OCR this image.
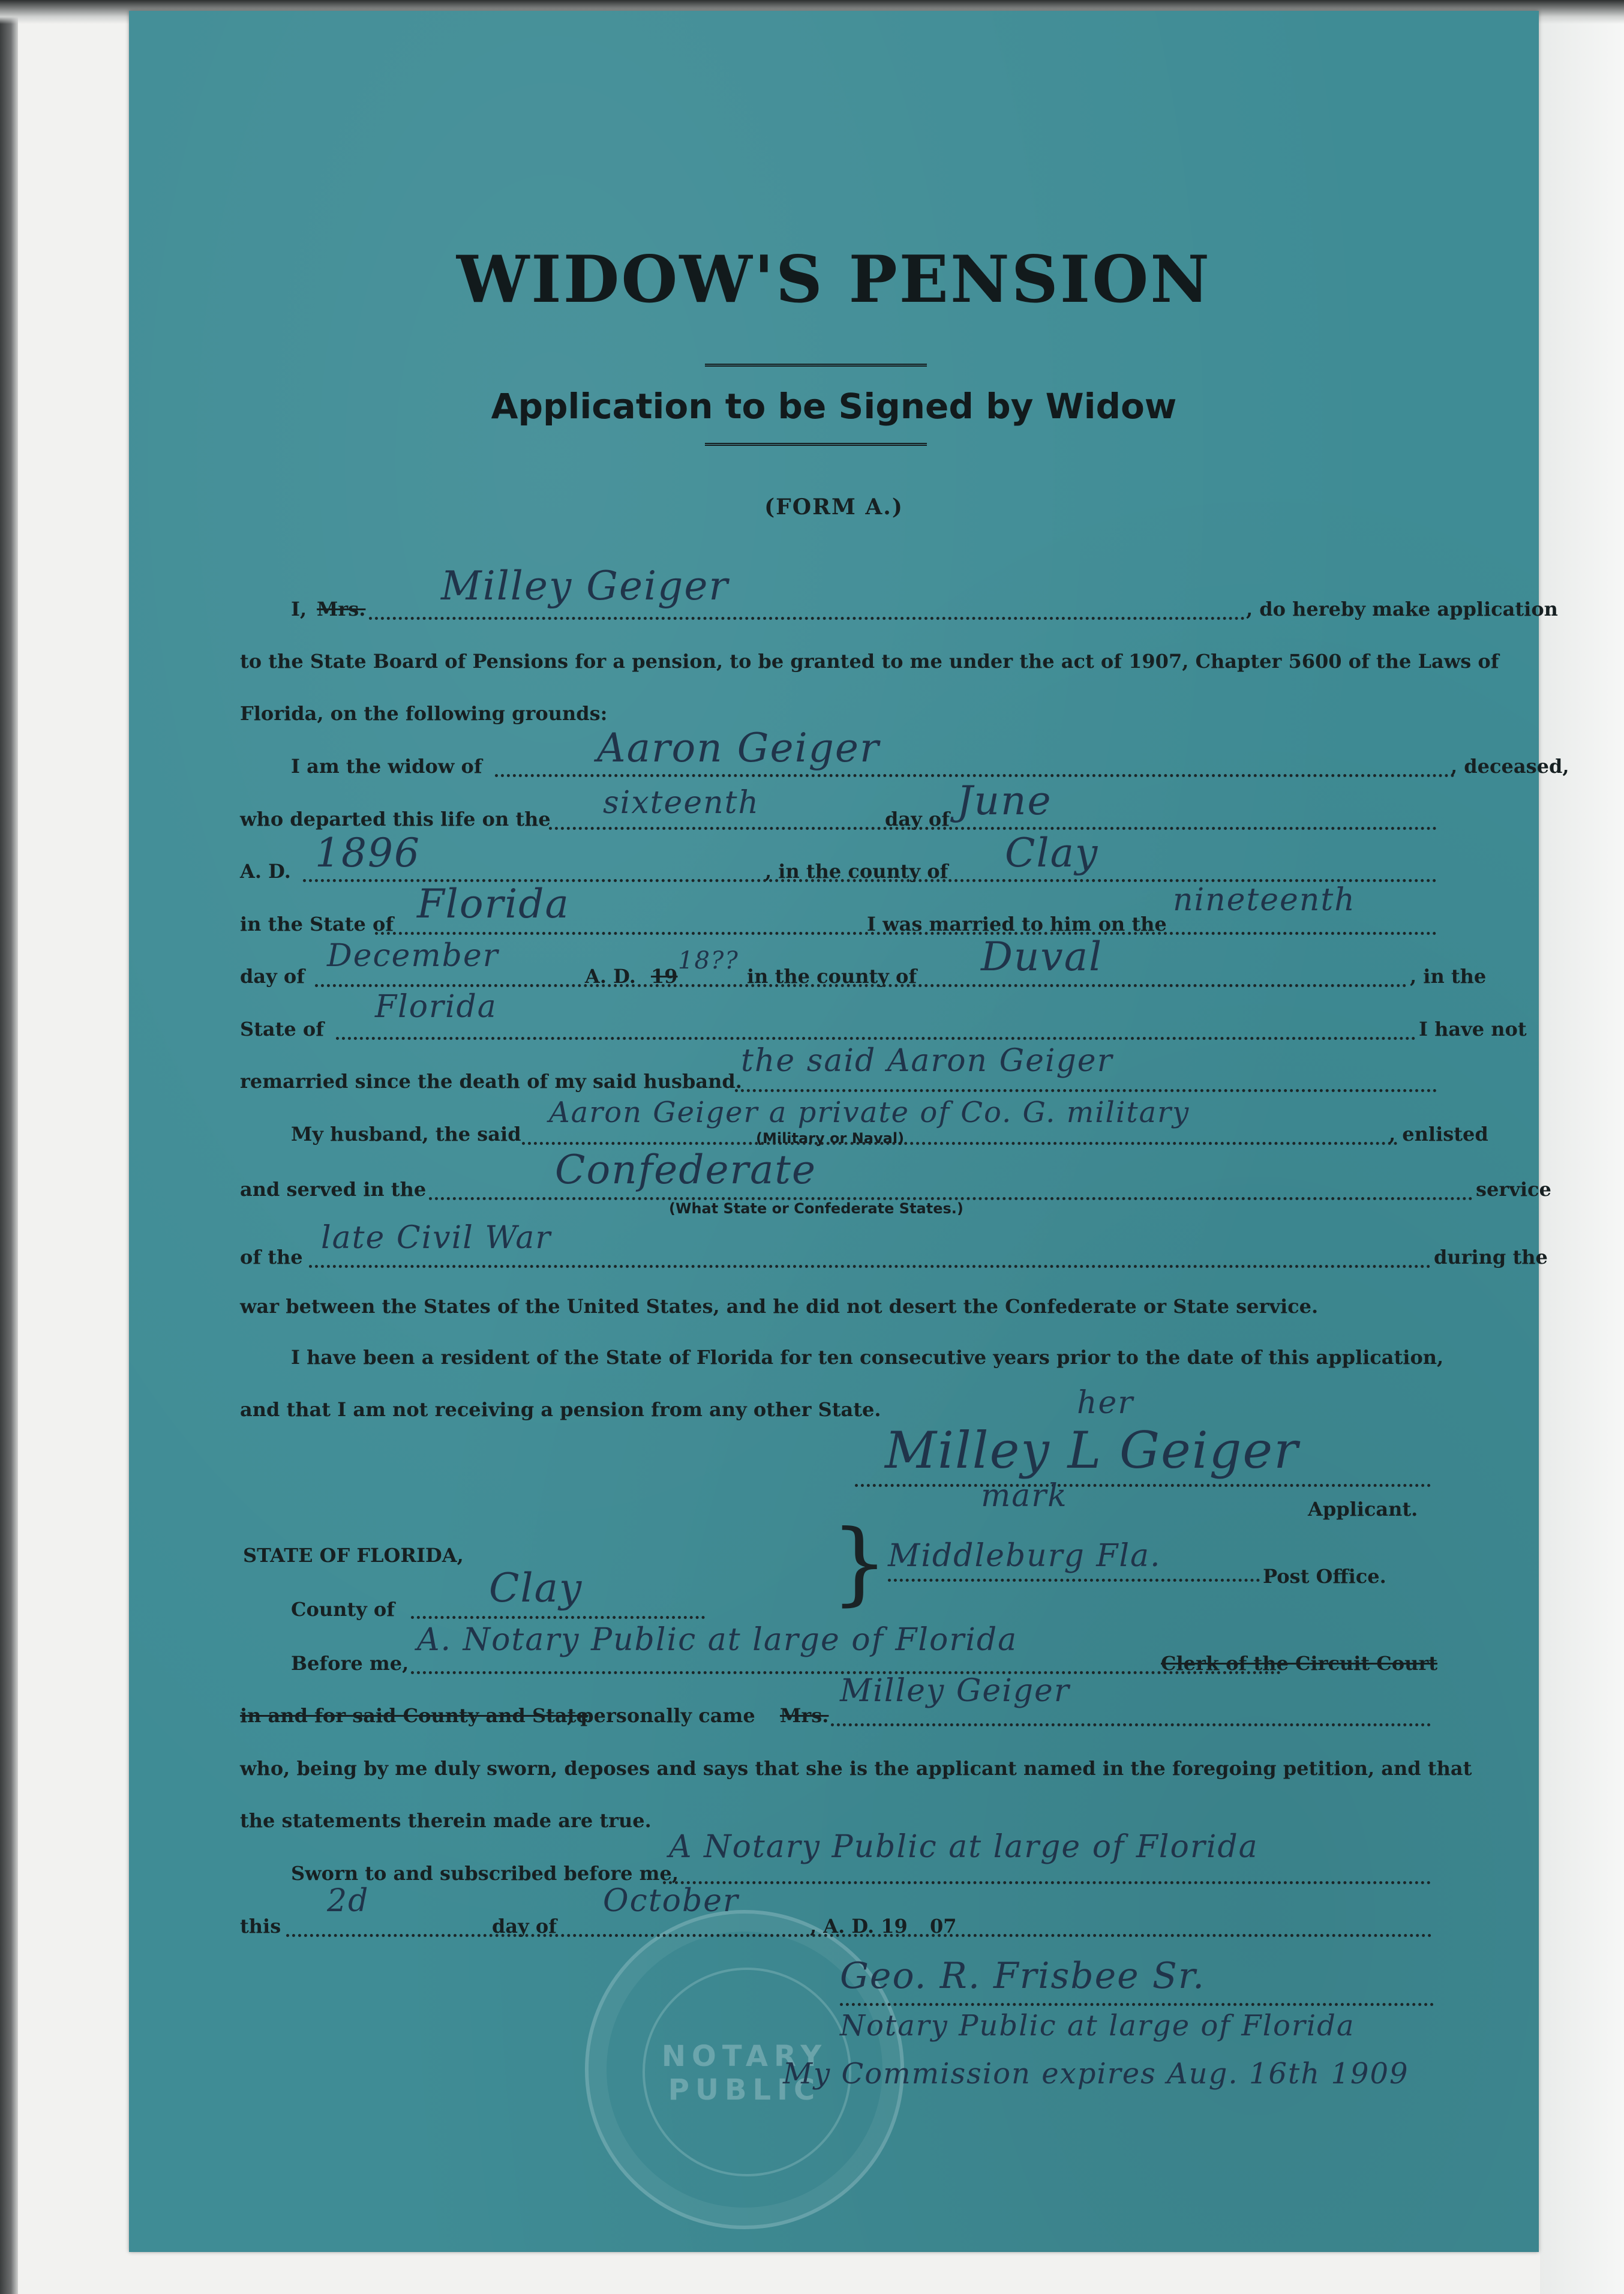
NOTARY PUBLIC
WIDOW'S PENSION
Application to be Signed by Widow
(FORM A.)
I, Mrs. Milley Geiger	, do hereby make application
to the State Board of Pensions for a pension, to be granted to me under the act of 1907, Chapter 5600 of the Laws of
Florida, on the following grounds:
I am the widow of	Aaron Geiger	, deceased,
who departed this life on the sixteenth	day of June
A. D. 1896	, in the county of Clay
in the State of Florida	I was married to him on the
nineteenth
day of
December
A. D. 19
18??
in the county of Duval	, in the
State of
Florida
I have not
remarried since the death of my said husband.
the said Aaron Geiger
My husband, the said
Aaron Geiger a private of Co. G. military
, enlisted
(Military or Naval)
and served in the	Confederate	service
(What State or Confederate States.)
of the
late Civil War
during the
war between the States of the United States, and he did not desert the Confederate or State service.
I have been a resident of the State of Florida for ten consecutive years prior to the date of this application,
and that I am not receiving a pension from any other State.	her
Milley L Geiger
mark	Applicant.
STATE OF FLORIDA,
County of Clay	} Middleburg Fla.
Post Office.
Before me,
A. Notary Public at large of Florida
Clerk of the Circuit Court
in and for said County and State
, personally came Mrs.
Milley Geiger
who, being by me duly sworn, deposes and says that she is the applicant named in the foregoing petition, and that
the statements therein made are true.
Sworn to and subscribed before me,
A Notary Public at large of Florida
this
2d
day of
October
, A. D. 19 07
Geo. R. Frisbee Sr.
Notary Public at large of Florida
My Commission expires Aug. 16th 1909
